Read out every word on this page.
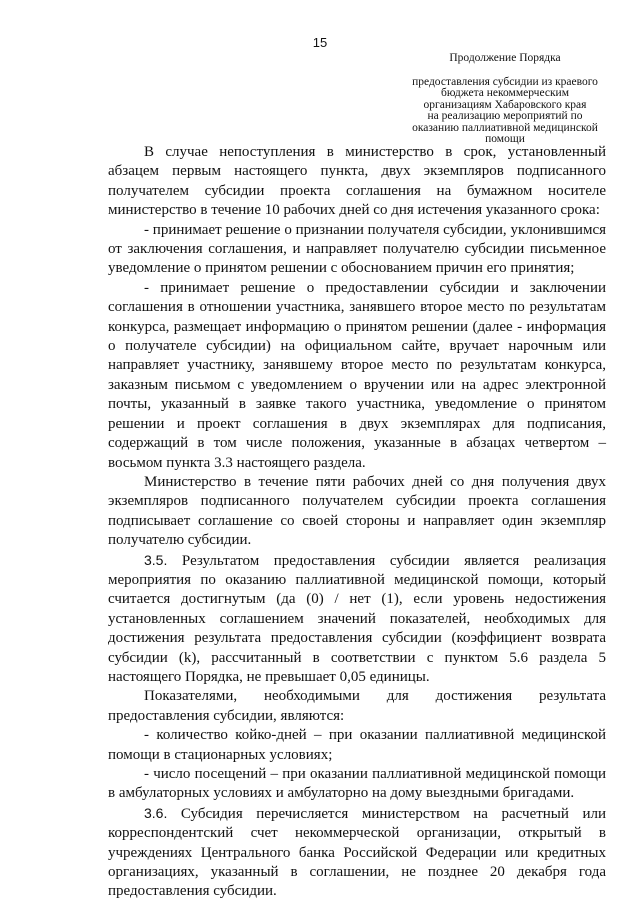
15
Продолжение Порядка
предоставления субсидии из краевого
бюджета некоммерческим
организациям Хабаровского края
на реализацию мероприятий по
оказанию паллиативной медицинской
помощи

В случае непоступления в министерство в срок, установленный абзацем первым настоящего пункта, двух экземпляров подписанного получателем субсидии проекта соглашения на бумажном носителе министерство в течение 10 рабочих дней со дня истечения указанного срока:

- принимает решение о признании получателя субсидии, уклонившимся от заключения соглашения, и направляет получателю субсидии письменное уведомление о принятом решении с обоснованием причин его принятия;

- принимает решение о предоставлении субсидии и заключении соглашения в отношении участника, занявшего второе место по результатам конкурса, размещает информацию о принятом решении (далее - информация о получателе субсидии) на официальном сайте, вручает нарочным или направляет участнику, занявшему второе место по результатам конкурса, заказным письмом с уведомлением о вручении или на адрес электронной почты, указанный в заявке такого участника, уведомление о принятом решении и проект соглашения в двух экземплярах для подписания, содержащий в том числе положения, указанные в абзацах четвертом – восьмом пункта 3.3 настоящего раздела.

Министерство в течение пяти рабочих дней со дня получения двух экземпляров подписанного получателем субсидии проекта соглашения подписывает соглашение со своей стороны и направляет один экземпляр получателю субсидии.

3.5. Результатом предоставления субсидии является реализация мероприятия по оказанию паллиативной медицинской помощи, который считается достигнутым (да (0) / нет (1), если уровень недостижения установленных соглашением значений показателей, необходимых для достижения результата предоставления субсидии (коэффициент возврата субсидии (k), рассчитанный в соответствии с пунктом 5.6 раздела 5 настоящего Порядка, не превышает 0,05 единицы.

Показателями, необходимыми для достижения результата предоставления субсидии, являются:

- количество койко-дней – при оказании паллиативной медицинской помощи в стационарных условиях;

- число посещений – при оказании паллиативной медицинской помощи в амбулаторных условиях и амбулаторно на дому выездными бригадами.

3.6. Субсидия перечисляется министерством на расчетный или корреспондентский счет некоммерческой организации, открытый в учреждениях Центрального банка Российской Федерации или кредитных организациях, указанный в соглашении, не позднее 20 декабря года предоставления субсидии.
